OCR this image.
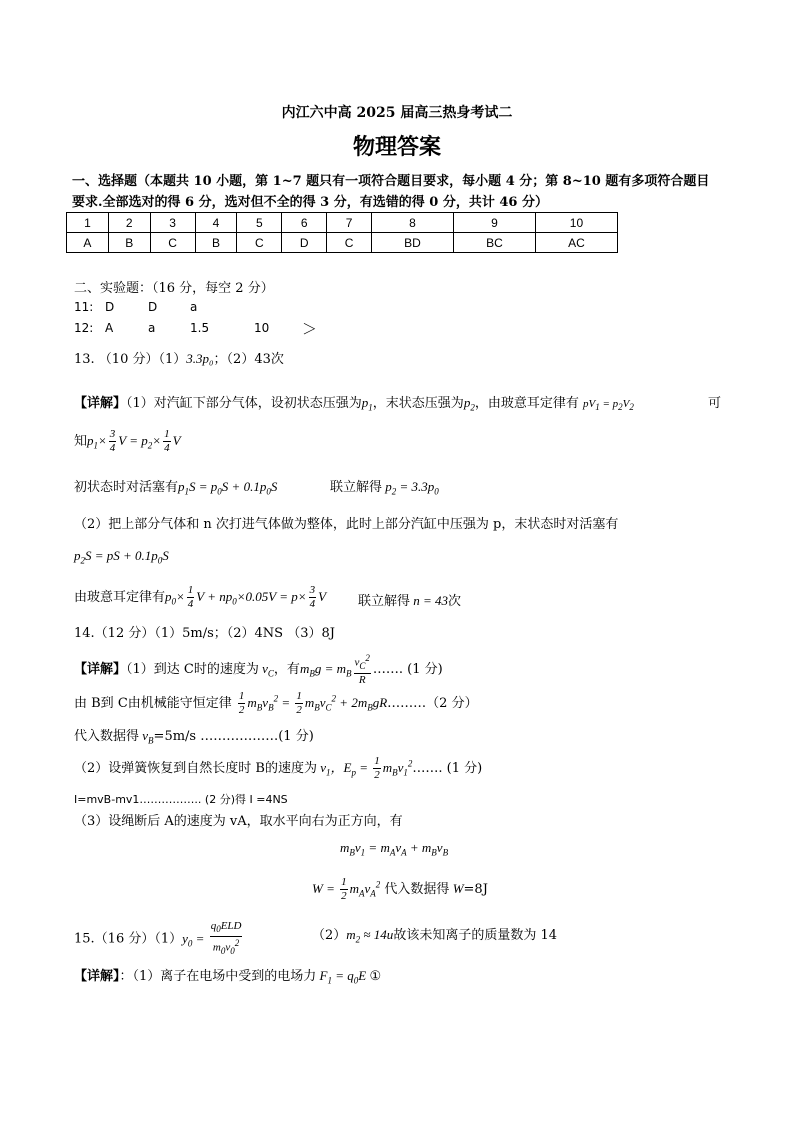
内江六中高 2025 届高三热身考试二
物理答案
一、选择题（本题共 10 小题，第 1~7 题只有一项符合题目要求，每小题 4 分；第 8~10 题有多项符合题目
要求.全部选对的得 6 分，选对但不全的得 3 分，有选错的得 0 分，共计 46 分）
1	2	3	4	5	6	7	8	9	10
A	B	C	B	C	D	C	BD	BC	AC
二、实验题：（16 分，每空 2 分）
11: D	D	a
12: A	a	1.5	10 ＞
13. （10 分）（1）3.3p₀；（2）43次
【详解】（1）对汽缸下部分气体，设初状态压强为$p_1$，末状态压强为$p_2$，由玻意耳定律有 $pV_1 = p_2V_2$	可
知$p_1\times \frac{3}{4}$ $V = p_2\times \frac{1}{4}$ V
初状态时对活塞有$p_1S = p_0S + 0.1p_0S$	联立解得 $p_2 = 3.3p_0$
（2）把上部分气体和 n 次打进气体做为整体，此时上部分汽缸中压强为 p，末状态时对活塞有
$p_2S$ = pS + $0.1p_0S$
由玻意耳定律有$p_0\times \frac{1}{4}$ $V + np_0\times 0.05V = p\times \frac{3}{4}$ V 联立解得 n = 43次
14.（12 分）（1）5m/s；（2）4NS （3）8J
【详解】（1）到达 C时的速度为 $v_C$，有$m_Bg = m_B \frac{v_C^2}{R}$ ……. (1 分)
由 B到 C由机械能守恒定律 $\frac{1}{2} m_Bv_B^2 = \frac{1}{2} m_Bv_C^2$ + $2m_BgR\dots\dots\dots(2$ 分）
代入数据得 $v_B=5m/s$ ………………(1 分)
（2）设弹簧恢复到自然长度时 B的速度为 $v_1$，$E_p = \frac{1}{2}$ $m_Bv_1^2\dots\dots$. (1 分)
I=mvB-mv1…………….. (2 分)得 I =4NS
（3）设绳断后 A的速度为 vA，取水平向右为正方向，有
$m_Bv_1 = m_Av_A + m_Bv_B$
$W = \frac{1}{2} m_Av_A^2$ 代入数据得 W=8J
15.（16 分）$(1)y_0 = \frac{q_0ELD}{m_0v_0^2}$	$(2)m_2 \approx 14u$故该未知离子的质量数为 14
【详解】：（1）离子在电场中受到的电场力 $F_1 = q_0E$ ①
